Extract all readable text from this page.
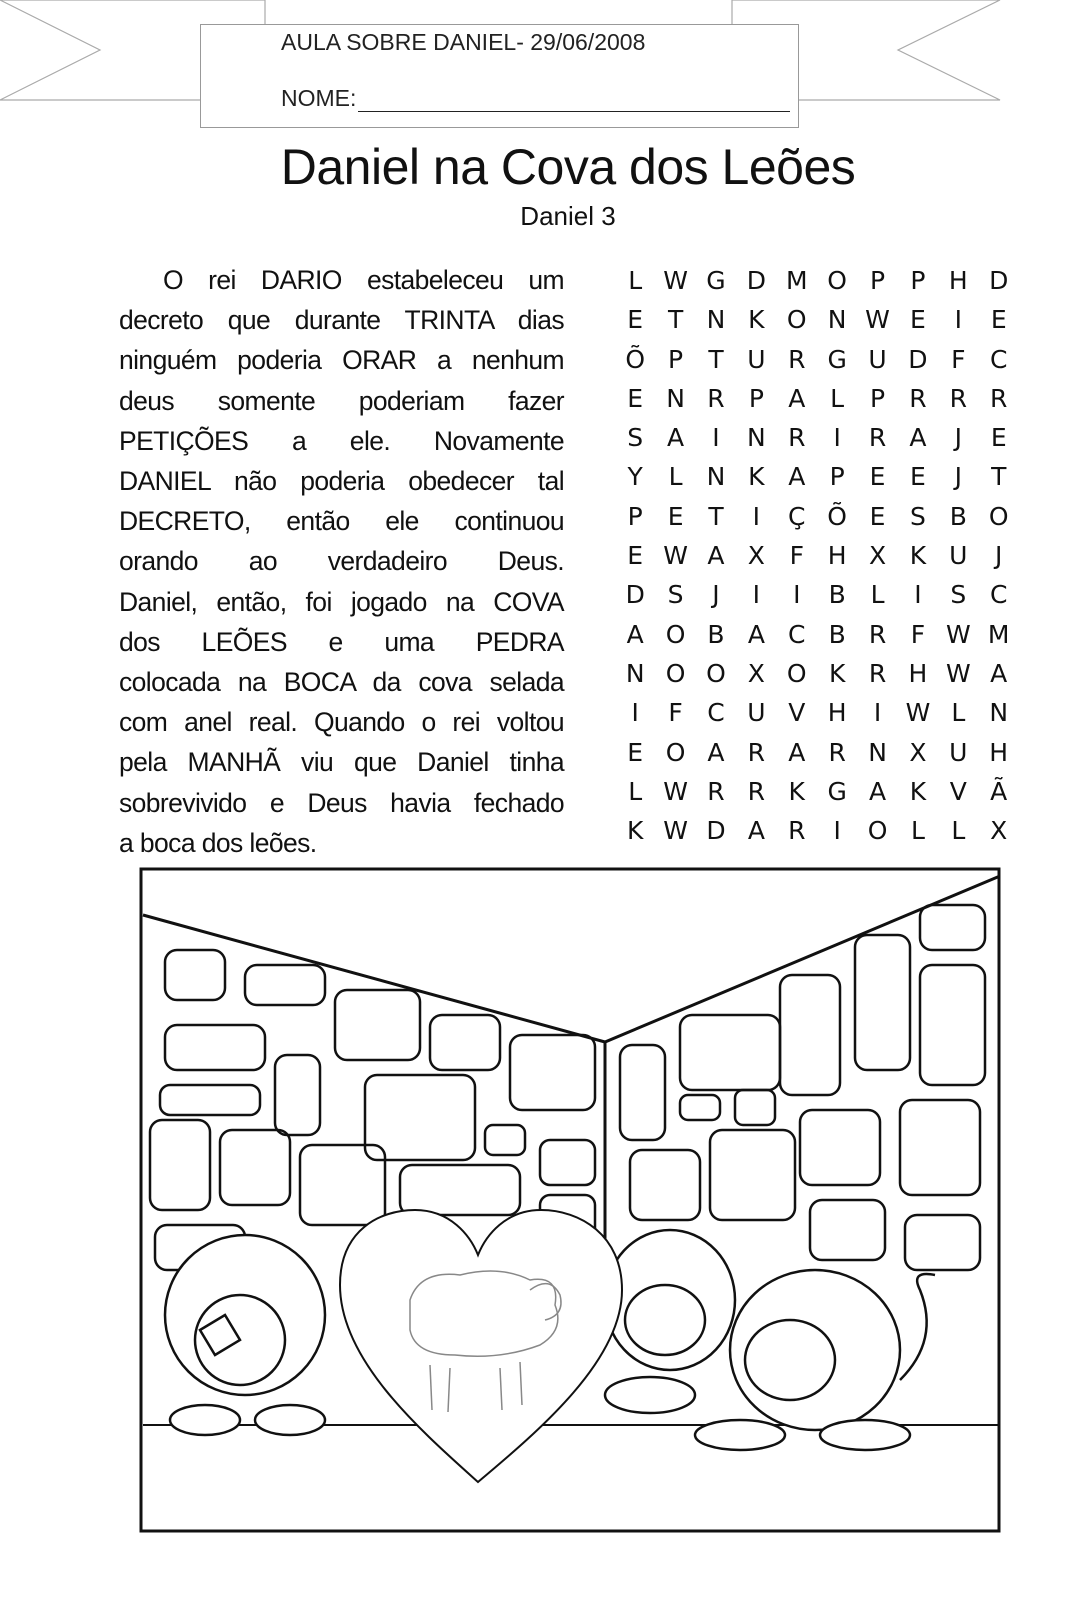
AULA SOBRE DANIEL- 29/06/2008
NOME:
Daniel na Cova dos Leões
Daniel 3
O rei DARIO estabeleceu um
decreto que durante TRINTA dias
ninguém poderia ORAR a nenhum
deus somente poderiam fazer
PETIÇÕES a ele. Novamente
DANIEL não poderia obedecer tal
DECRETO, então ele continuou
orando ao verdadeiro Deus.
Daniel, então, foi jogado na COVA
dos LEÕES e uma PEDRA
colocada na BOCA da cova selada
com anel real. Quando o rei voltou
pela MANHÃ viu que Daniel tinha
sobrevivido e Deus havia fechado
a boca dos leões.
L W G D M O P	P H D
E T N K O N W E	I	E
Õ P	T U R G U D F C
E N R P A L	P R R R
S A	I	N R	I	R A	J	E
Y	L N K A P E E	J	T
P E T	I	Ç Õ E S B O
E W A X F H X K U	J
D S	J	I	I	B L	I	S C
A O B A C B R F W M
N O O X O K R H W A
I	F C U V H	I W L N
E O A R A R N X U H
L W R R K G A K V Ã
K W D A R	I	O L	L X
